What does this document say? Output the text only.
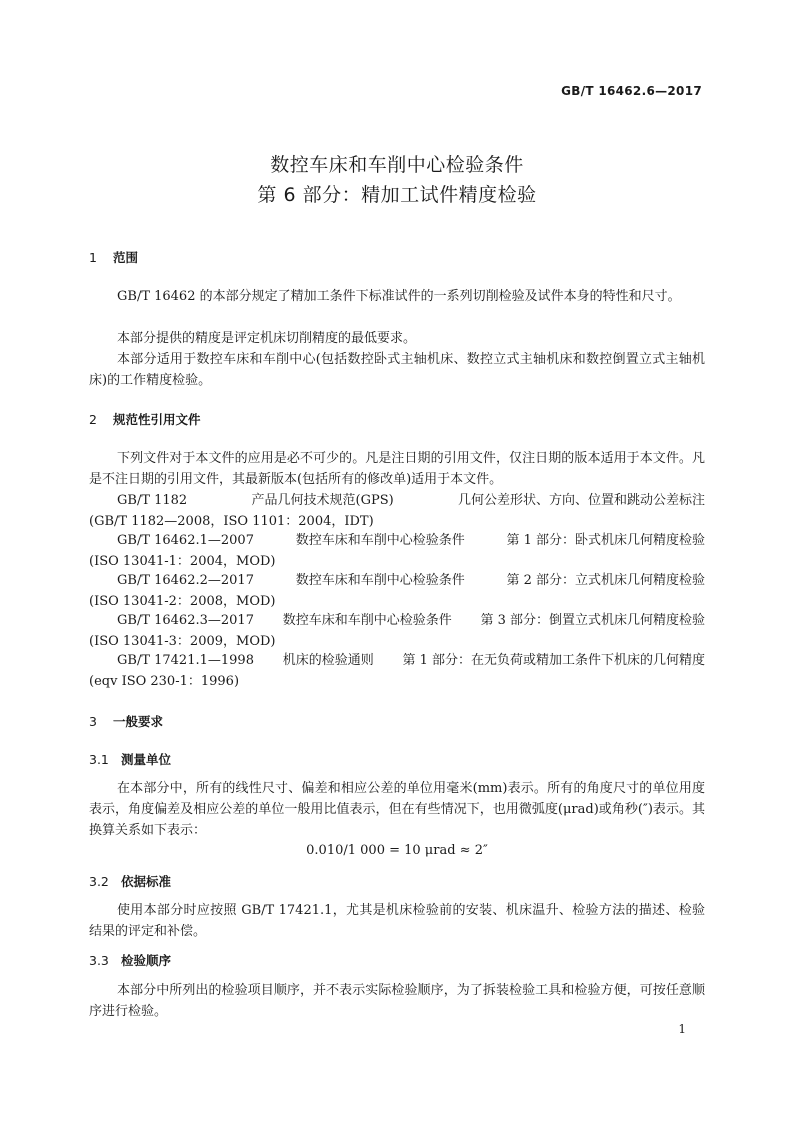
GB/T 16462.6—2017
数控车床和车削中心检验条件
第 6 部分：精加工试件精度检验
1 范围
GB/T 16462 的本部分规定了精加工条件下标准试件的一系列切削检验及试件本身的特性和尺寸。
本部分提供的精度是评定机床切削精度的最低要求。
本部分适用于数控车床和车削中心(包括数控卧式主轴机床、数控立式主轴机床和数控倒置立式主轴机床)的工作精度检验。
2 规范性引用文件
下列文件对于本文件的应用是必不可少的。凡是注日期的引用文件，仅注日期的版本适用于本文件。凡是不注日期的引用文件，其最新版本(包括所有的修改单)适用于本文件。
GB/T 1182	产品几何技术规范(GPS)	几何公差形状、方向、位置和跳动公差标注
(GB/T 1182—2008，ISO 1101：2004，IDT)
GB/T 16462.1—2007	数控车床和车削中心检验条件	第 1 部分：卧式机床几何精度检验
(ISO 13041-1：2004，MOD)
GB/T 16462.2—2017	数控车床和车削中心检验条件	第 2 部分：立式机床几何精度检验
(ISO 13041-2：2008，MOD)
GB/T 16462.3—2017 数控车床和车削中心检验条件 第 3 部分：倒置立式机床几何精度检验
(ISO 13041-3：2009，MOD)
GB/T 17421.1—1998 机床的检验通则 第 1 部分：在无负荷或精加工条件下机床的几何精度
(eqv ISO 230-1：1996)
3 一般要求
3.1 测量单位
在本部分中，所有的线性尺寸、偏差和相应公差的单位用毫米(mm)表示。所有的角度尺寸的单位用度表示，角度偏差及相应公差的单位一般用比值表示，但在有些情况下，也用微弧度(μrad)或角秒(″)表示。其换算关系如下表示：
0.010/1 000 = 10 μrad ≈ 2″
3.2 依据标准
使用本部分时应按照 GB/T 17421.1，尤其是机床检验前的安装、机床温升、检验方法的描述、检验结果的评定和补偿。
3.3 检验顺序
本部分中所列出的检验项目顺序，并不表示实际检验顺序，为了拆装检验工具和检验方便，可按任意顺序进行检验。
1
